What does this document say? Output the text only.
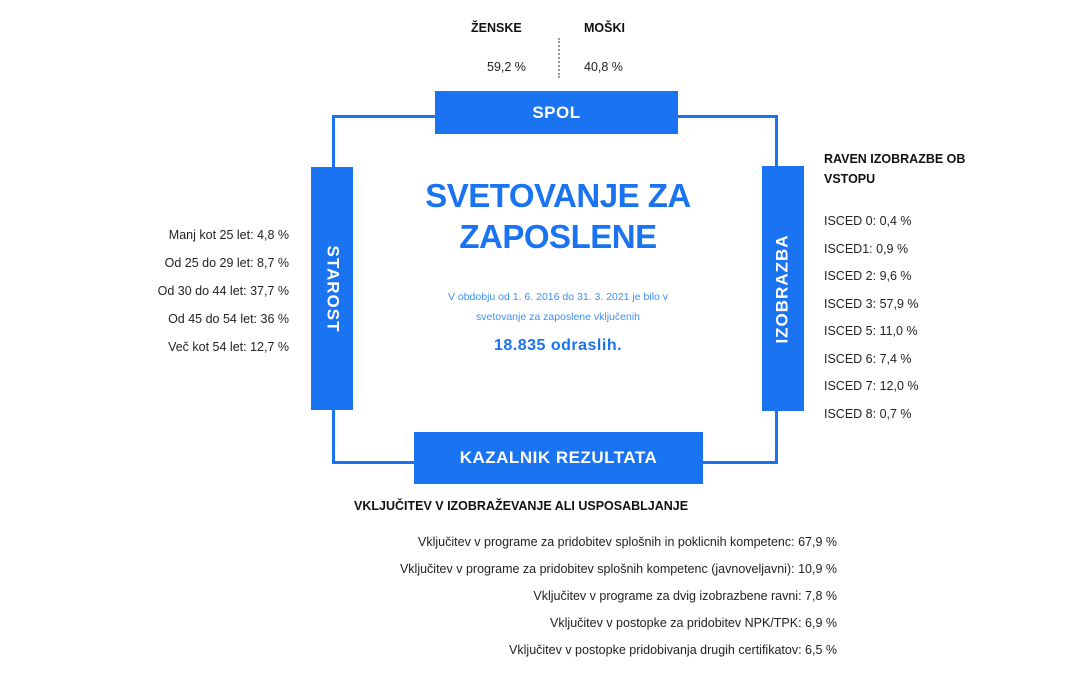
ŽENSKE	MOŠKI
59,2 %	40,8 %
SPOL
SVETOVANJE ZA
ZAPOSLENE
V obdobju od 1. 6. 2016 do 31. 3. 2021 je bilo v
svetovanje za zaposlene vključenih
18.835 odraslih.
STAROST
Manj kot 25 let: 4,8 %
Od 25 do 29 let: 8,7 %
Od 30 do 44 let: 37,7 %
Od 45 do 54 let: 36 %
Več kot 54 let: 12,7 %
IZOBRAZBA
RAVEN IZOBRAZBE OB
VSTOPU
ISCED 0: 0,4 %
ISCED1: 0,9 %
ISCED 2: 9,6 %
ISCED 3: 57,9 %
ISCED 5: 11,0 %
ISCED 6: 7,4 %
ISCED 7: 12,0 %
ISCED 8: 0,7 %
KAZALNIK REZULTATA
VKLJUČITEV V IZOBRAŽEVANJE ALI USPOSABLJANJE
Vključitev v programe za pridobitev splošnih in poklicnih kompetenc: 67,9 %
Vključitev v programe za pridobitev splošnih kompetenc (javnoveljavni): 10,9 %
Vključitev v programe za dvig izobrazbene ravni: 7,8 %
Vključitev v postopke za pridobitev NPK/TPK: 6,9 %
Vključitev v postopke pridobivanja drugih certifikatov: 6,5 %
